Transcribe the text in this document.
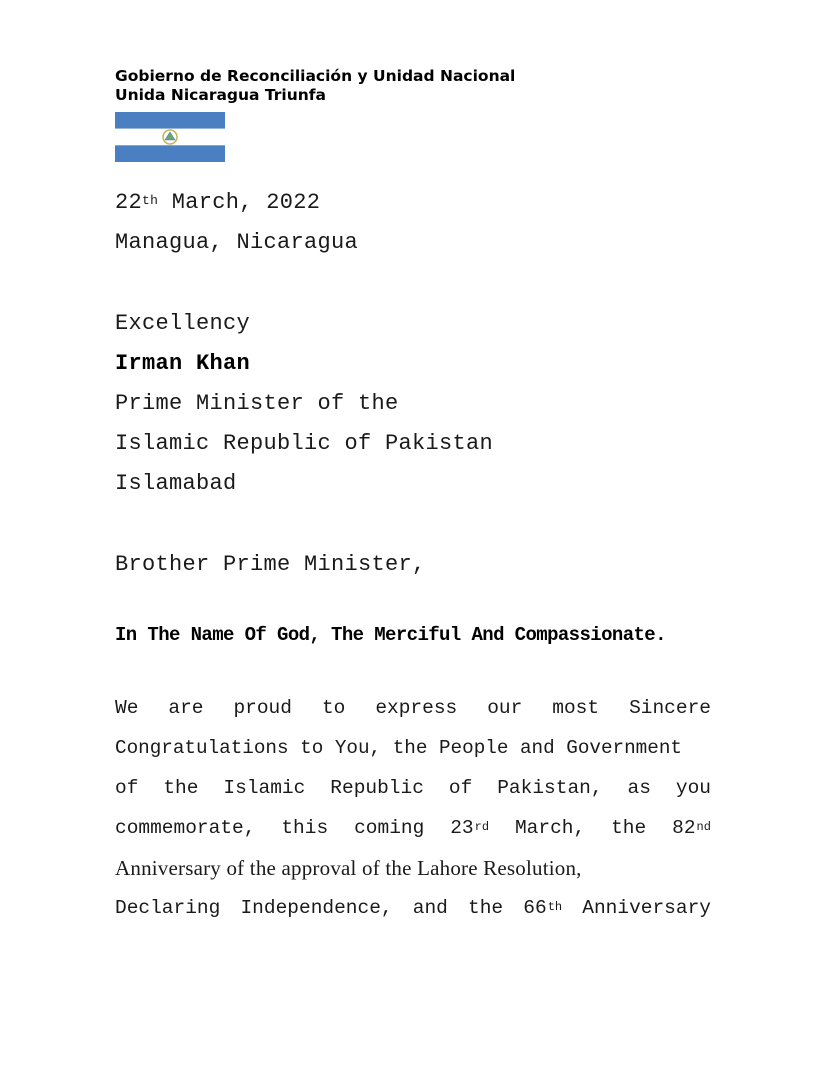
Gobierno de Reconciliación y Unidad Nacional
Unida Nicaragua Triunfa
22th March, 2022
Managua, Nicaragua
Excellency
Irman Khan
Prime Minister of the
Islamic Republic of Pakistan
Islamabad
Brother Prime Minister,
In The Name Of God, The Merciful And Compassionate.
We are proud to express our most Sincere
Congratulations to You, the People and Government
of the Islamic Republic of Pakistan, as you
commemorate, this coming 23rd March, the 82nd
Anniversary of the approval of the Lahore Resolution,
Declaring Independence, and the 66th Anniversary
